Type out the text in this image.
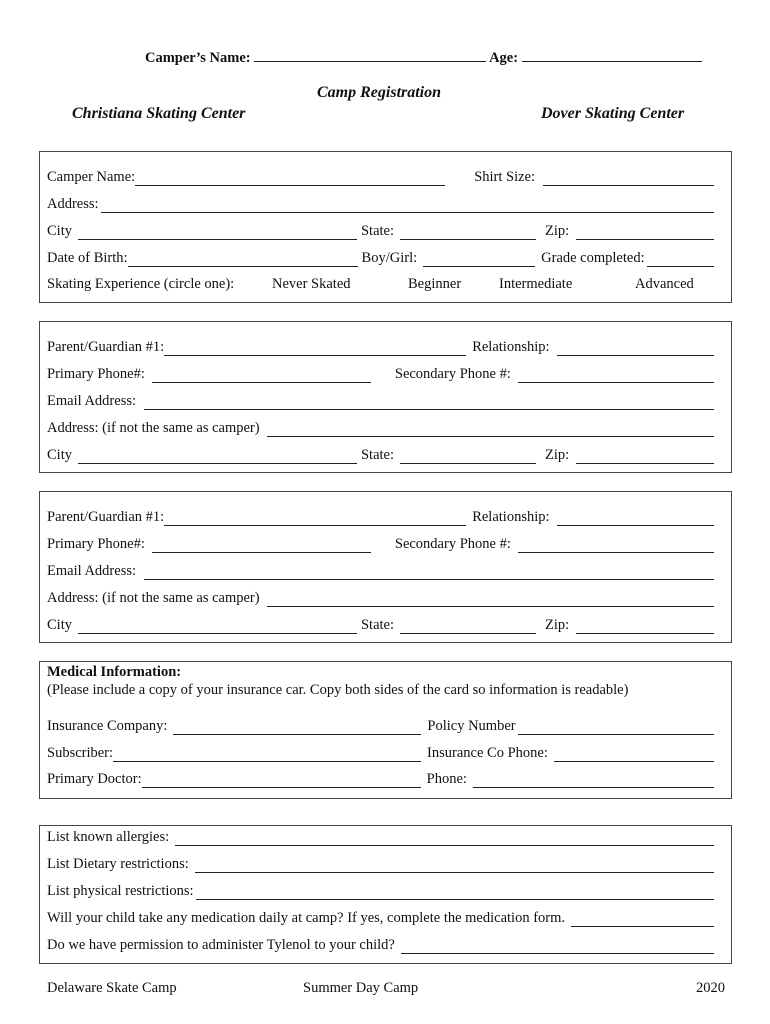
Camper’s Name:	Age:
Camp Registration
Christiana Skating Center	Dover Skating Center
Camper Name:	Shirt Size:
Address:
City	State:	Zip:
Date of Birth:	Boy/Girl:	Grade completed:
Skating Experience (circle one):	Never Skated	Beginner	Intermediate	Advanced
Parent/Guardian #1:	Relationship:
Primary Phone#:	Secondary Phone #:
Email Address:
Address: (if not the same as camper)
City	State:	Zip:
Parent/Guardian #1:	Relationship:
Primary Phone#:	Secondary Phone #:
Email Address:
Address: (if not the same as camper)
City	State:	Zip:
Medical Information:
(Please include a copy of your insurance car. Copy both sides of the card so information is readable)
Insurance Company:	Policy Number
Subscriber:	Insurance Co Phone:
Primary Doctor:	Phone:
List known allergies:
List Dietary restrictions:
List physical restrictions:
Will your child take any medication daily at camp? If yes, complete the medication form.
Do we have permission to administer Tylenol to your child?
Delaware Skate Camp	Summer Day Camp	2020
